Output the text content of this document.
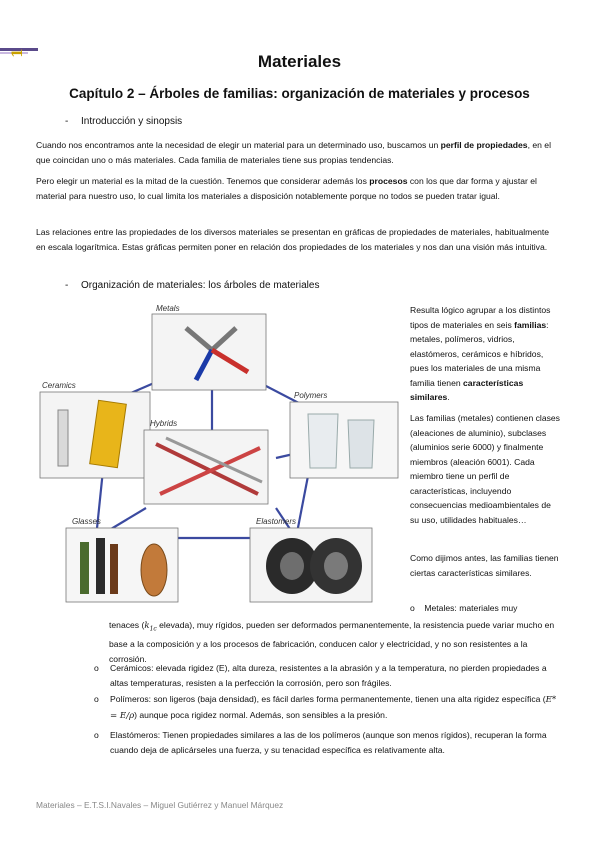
1	Materiales
Capítulo 2 – Árboles de familias: organización de materiales y procesos
- Introducción y sinopsis
Cuando nos encontramos ante la necesidad de elegir un material para un determinado uso, buscamos un perfil de propiedades, en el que coincidan uno o más materiales. Cada familia de materiales tiene sus propias tendencias.
Pero elegir un material es la mitad de la cuestión. Tenemos que considerar además los procesos con los que dar forma y ajustar el material para nuestro uso, lo cual limita los materiales a disposición notablemente porque no todos se pueden tratar igual.
Las relaciones entre las propiedades de los diversos materiales se presentan en gráficas de propiedades de materiales, habitualmente en escala logarítmica. Estas gráficas permiten poner en relación dos propiedades de los materiales y nos dan una visión más intuitiva.
- Organización de materiales: los árboles de materiales
Metals
Ceramics
Polymers
Hybrids
Glasses	Elastomers
Resulta lógico agrupar a los distintos tipos de materiales en seis familias: metales, polímeros, vidrios, elastómeros, cerámicos e híbridos, pues los materiales de una misma familia tienen características similares.
Las familias (metales) contienen clases (aleaciones de aluminio), subclases (aluminios serie 6000) y finalmente miembros (aleación 6001). Cada miembro tiene un perfil de características, incluyendo consecuencias medioambientales de su uso, utilidades habituales…
Como dijimos antes, las familias tienen ciertas características similares.
o Metales: materiales muy
tenaces ($k_{1c}$ elevada), muy rígidos, pueden ser deformados permanentemente, la resistencia puede variar mucho en base a la composición y a los procesos de fabricación, conducen calor y electricidad, y no son resistentes a la corrosión.
o Cerámicos: elevada rigidez (E), alta dureza, resistentes a la abrasión y a la temperatura, no pierden propiedades a altas temperaturas, resisten a la perfección la corrosión, pero son frágiles.
o Polímeros: son ligeros (baja densidad), es fácil darles forma permanentemente, tienen una alta rigidez específica (E* = E/ρ) aunque poca rigidez normal. Además, son sensibles a la presión.
o Elastómeros: Tienen propiedades similares a las de los polímeros (aunque son menos rígidos), recuperan la forma cuando deja de aplicárseles una fuerza, y su tenacidad específica es relativamente alta.
Materiales – E.T.S.I.Navales – Miguel Gutiérrez y Manuel Márquez
